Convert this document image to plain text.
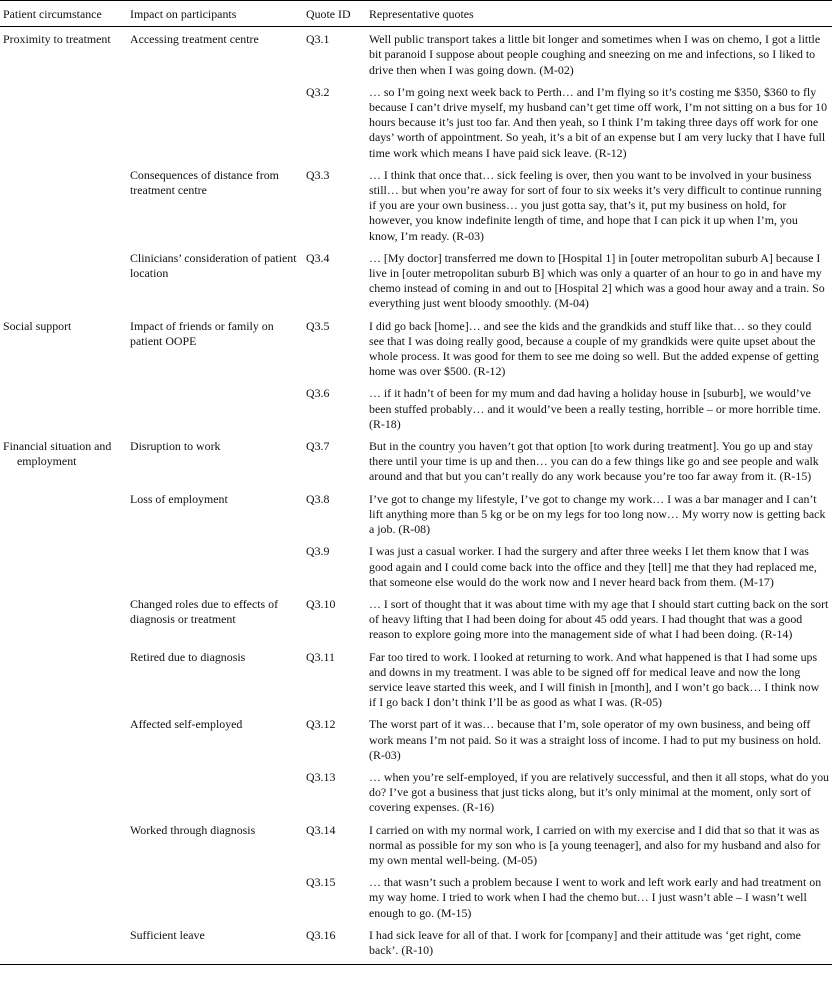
Patient circumstance	Impact on participants	Quote ID	Representative quotes
Proximity to treatment	Accessing treatment centre	Q3.1	Well public transport takes a little bit longer and sometimes when I was on chemo, I got a little bit paranoid I suppose about people coughing and sneezing on me and infections, so I liked to drive then when I was going down. (M-02)
		Q3.2	… so I’m going next week back to Perth… and I’m flying so it’s costing me $350, $360 to fly because I can’t drive myself, my husband can’t get time off work, I’m not sitting on a bus for 10 hours because it’s just too far. And then yeah, so I think I’m taking three days off work for one days’ worth of appointment. So yeah, it’s a bit of an expense but I am very lucky that I have full time work which means I have paid sick leave. (R-12)
	Consequences of distance from treatment centre	Q3.3	… I think that once that… sick feeling is over, then you want to be involved in your business still… but when you’re away for sort of four to six weeks it’s very difficult to continue running if you are your own business… you just gotta say, that’s it, put my business on hold, for however, you know indefinite length of time, and hope that I can pick it up when I’m, you know, I’m ready. (R-03)
	Clinicians’ consideration of patient location	Q3.4	… [My doctor] transferred me down to [Hospital 1] in [outer metropolitan suburb A] because I live in [outer metropolitan suburb B] which was only a quarter of an hour to go in and have my chemo instead of coming in and out to [Hospital 2] which was a good hour away and a train. So everything just went bloody smoothly. (M-04)
Social support	Impact of friends or family on patient OOPE	Q3.5	I did go back [home]… and see the kids and the grandkids and stuff like that… so they could see that I was doing really good, because a couple of my grandkids were quite upset about the whole process. It was good for them to see me doing so well. But the added expense of getting home was over $500. (R-12)
		Q3.6	… if it hadn’t of been for my mum and dad having a holiday house in [suburb], we would’ve been stuffed probably… and it would’ve been a really testing, horrible – or more horrible time. (R-18)

Financial situation and
employment	Disruption to work	Q3.7	But in the country you haven’t got that option [to work during treatment]. You go up and stay there until your time is up and then… you can do a few things like go and see people and walk around and that but you can’t really do any work because you’re too far away from it. (R-15)
	Loss of employment	Q3.8	I’ve got to change my lifestyle, I’ve got to change my work… I was a bar manager and I can’t lift anything more than 5 kg or be on my legs for too long now… My worry now is getting back a job. (R-08)
		Q3.9	I was just a casual worker. I had the surgery and after three weeks I let them know that I was good again and I could come back into the office and they [tell] me that they had replaced me, that someone else would do the work now and I never heard back from them. (M-17)
	Changed roles due to effects of diagnosis or treatment	Q3.10	… I sort of thought that it was about time with my age that I should start cutting back on the sort of heavy lifting that I had been doing for about 45 odd years. I had thought that was a good reason to explore going more into the management side of what I had been doing. (R-14)
	Retired due to diagnosis	Q3.11	Far too tired to work. I looked at returning to work. And what happened is that I had some ups and downs in my treatment. I was able to be signed off for medical leave and now the long service leave started this week, and I will finish in [month], and I won’t go back… I think now if I go back I don’t think I’ll be as good as what I was. (R-05)
	Affected self-employed	Q3.12	The worst part of it was… because that I’m, sole operator of my own business, and being off work means I’m not paid. So it was a straight loss of income. I had to put my business on hold. (R-03)
		Q3.13	… when you’re self-employed, if you are relatively successful, and then it all stops, what do you do? I’ve got a business that just ticks along, but it’s only minimal at the moment, only sort of covering expenses. (R-16)
	Worked through diagnosis	Q3.14	I carried on with my normal work, I carried on with my exercise and I did that so that it was as normal as possible for my son who is [a young teenager], and also for my husband and also for my own mental well-being. (M-05)
		Q3.15	… that wasn’t such a problem because I went to work and left work early and had treatment on my way home. I tried to work when I had the chemo but… I just wasn’t able – I wasn’t well enough to go. (M-15)
	Sufficient leave	Q3.16	I had sick leave for all of that. I work for [company] and their attitude was ‘get right, come back’. (R-10)
